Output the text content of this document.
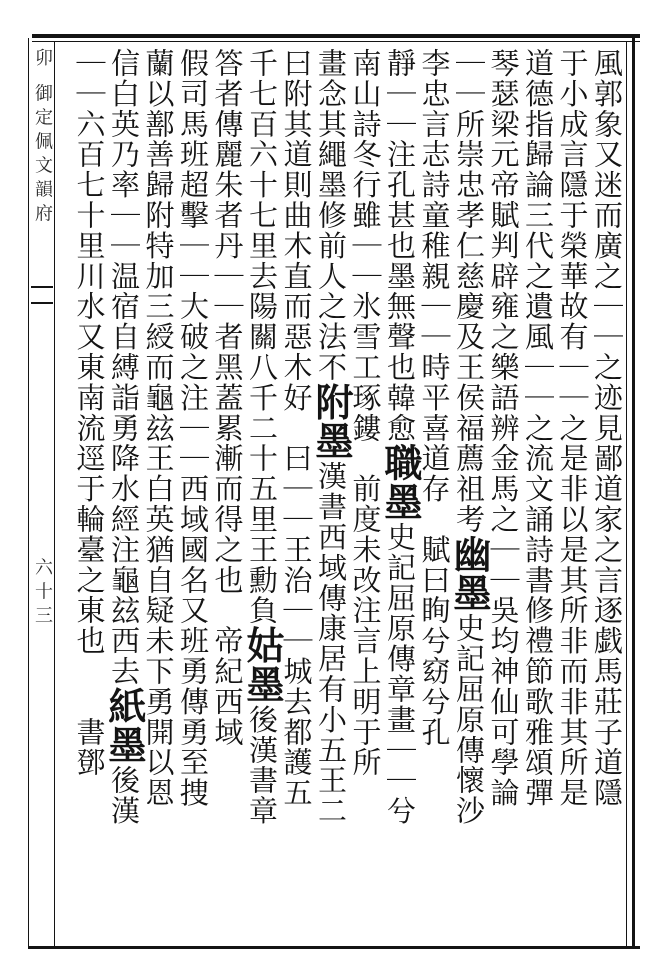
卯 御定佩文韻府六十三	風郭象又迷而廣之｜｜之迹見鄙道家之言逐戯馬莊子道隱
于小成言隱于榮華故有｜｜之是非以是其所非而非其所是
道德指歸論三代之遺風｜｜之流文誦詩書修禮節歌雅頌彈
琴瑟梁元帝賦判辟雍之樂語辨金馬之｜｜吳均神仙可學論
｜｜所崇忠孝仁慈慶及王侯福薦祖考幽墨史記屈原傳懷沙
李忠言志詩童稚親｜｜時平喜道存　賦曰眴兮窈兮孔
靜｜｜注孔甚也墨無聲也韓愈職墨史記屈原傳章畫｜｜兮
南山詩冬行雖｜｜氷雪工琢鏤　前度未改注言上明于所
畫念其繩墨修前人之法不附墨漢書西域傳康居有小五王二
曰附其道則曲木直而惡木好　曰｜｜王治｜｜城去都護五
千七百六十七里去陽關八千二十五里王勳負姑墨後漢書章
答者傳麗朱者丹｜｜者黑蓋累漸而得之也　帝紀西域
假司馬班超擊｜｜大破之注｜｜西域國名又班勇傳勇至捜
蘭以鄯善歸附特加三綬而龜玆王白英猶自疑未下勇開以恩
信白英乃率｜｜温宿自縛詣勇降水經注龜玆西去紙墨後漢
｜｜六百七十里川水又東南流逕于輪臺之東也　　書鄧
